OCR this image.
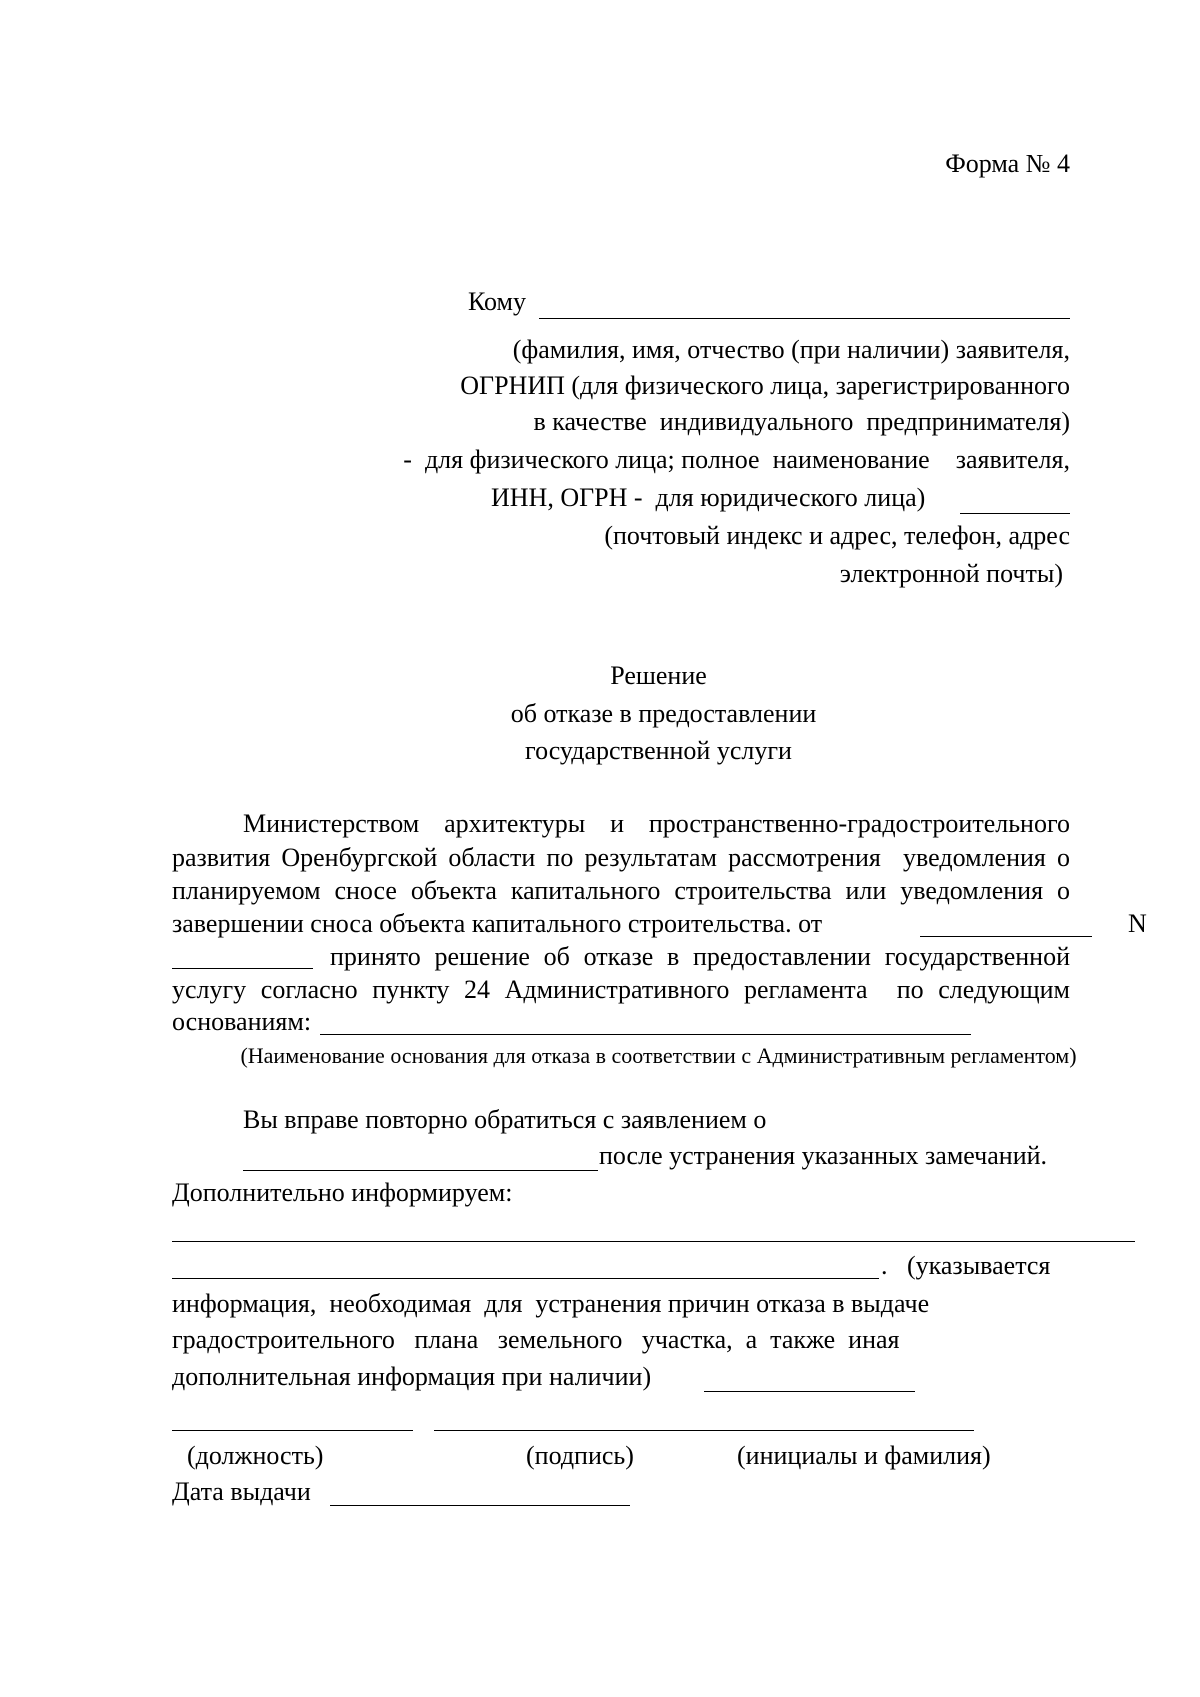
Форма № 4
Кому
(фамилия, имя, отчество (при наличии) заявителя,
ОГРНИП (для физического лица, зарегистрированного
в качестве  индивидуального  предпринимателя)
-  для физического лица; полное  наименование    заявителя,
ИНН, ОГРН -  для юридического лица)
(почтовый индекс и адрес, телефон, адрес
электронной почты)
Решение
об отказе в предоставлении
государственной услуги
Министерством  архитектуры  и  пространственно-градостроительного
развития Оренбургской области по результатам рассмотрения  уведомления о
планируемом сносе объекта капитального строительства или уведомления о
завершении сноса объекта капитального строительства. от	N
принято решение об отказе в предоставлении государственной
услугу согласно пункту 24 Административного регламента  по следующим
основаниям:
(Наименование основания для отказа в соответствии с Административным регламентом)
Вы вправе повторно обратиться с заявлением о
после устранения указанных замечаний.
Дополнительно информируем:
.   (указывается
информация,  необходимая  для  устранения причин отказа в выдаче
градостроительного   плана   земельного   участка,  а  также  иная
дополнительная информация при наличии)
(должность)	(подпись)	(инициалы и фамилия)
Дата выдачи
